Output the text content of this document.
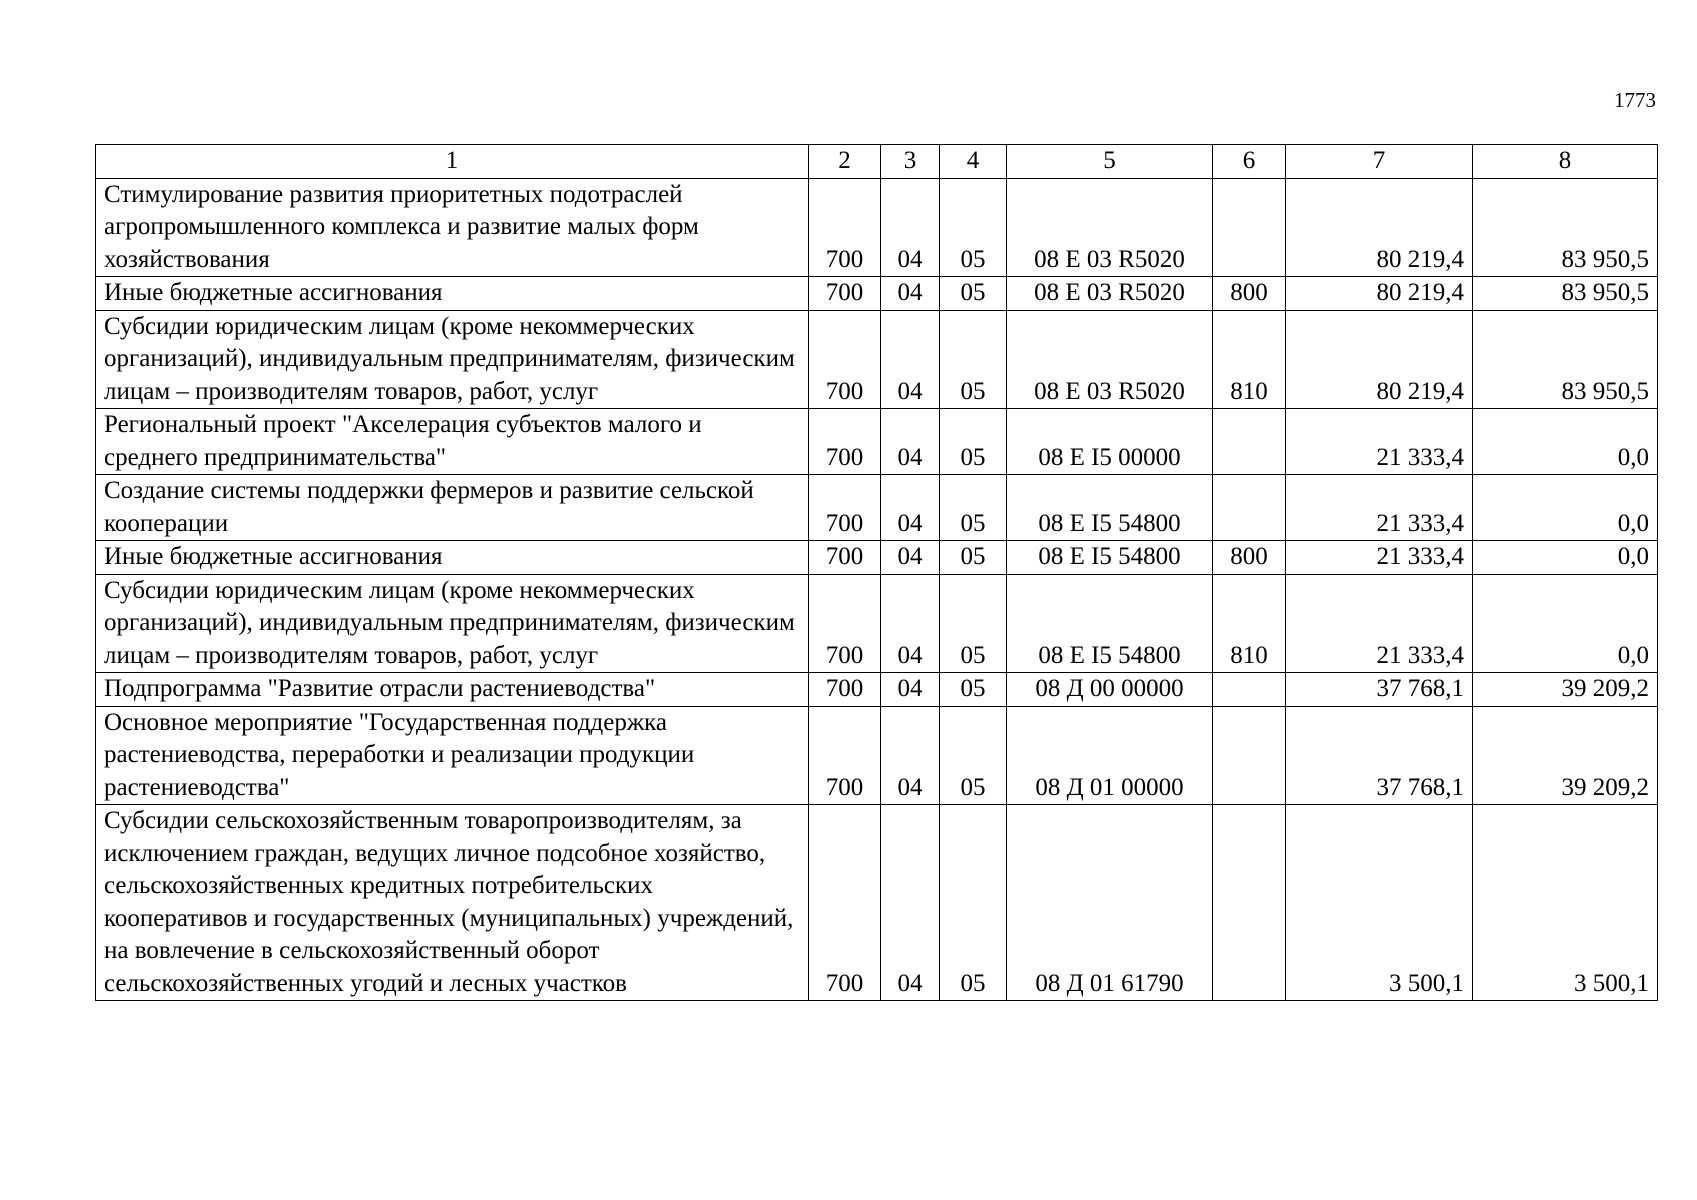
1773
1	2	3	4	5	6	7	8
Стимулирование развития приоритетных подотраслей агропромышленного комплекса и развитие малых форм хозяйствования	700	04	05	08 Е 03 R5020		80 219,4	83 950,5
Иные бюджетные ассигнования	700	04	05	08 Е 03 R5020	800	80 219,4	83 950,5
Субсидии юридическим лицам (кроме некоммерческих организаций), индивидуальным предпринимателям, физическим лицам – производителям товаров, работ, услуг	700	04	05	08 Е 03 R5020	810	80 219,4	83 950,5
Региональный проект "Акселерация субъектов малого и среднего предпринимательства"	700	04	05	08 Е I5 00000		21 333,4	0,0
Создание системы поддержки фермеров и развитие сельской кооперации	700	04	05	08 Е I5 54800		21 333,4	0,0
Иные бюджетные ассигнования	700	04	05	08 Е I5 54800	800	21 333,4	0,0
Субсидии юридическим лицам (кроме некоммерческих организаций), индивидуальным предпринимателям, физическим лицам – производителям товаров, работ, услуг	700	04	05	08 Е I5 54800	810	21 333,4	0,0
Подпрограмма "Развитие отрасли растениеводства"	700	04	05	08 Д 00 00000		37 768,1	39 209,2
Основное мероприятие "Государственная поддержка растениеводства, переработки и реализации продукции растениеводства"	700	04	05	08 Д 01 00000		37 768,1	39 209,2
Субсидии сельскохозяйственным товаропроизводителям, за исключением граждан, ведущих личное подсобное хозяйство, сельскохозяйственных кредитных потребительских кооперативов и государственных (муниципальных) учреждений, на вовлечение в сельскохозяйственный оборот сельскохозяйственных угодий и лесных участков	700	04	05	08 Д 01 61790		3 500,1	3 500,1
